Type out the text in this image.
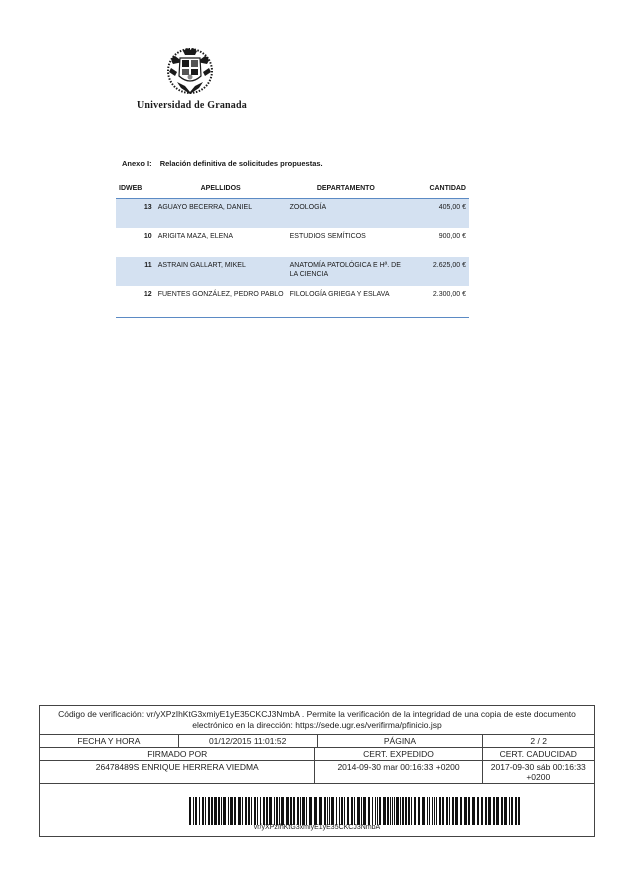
Universidad de Granada
Anexo I: Relación definitiva de solicitudes propuestas.
IDWEB	APELLIDOS	DEPARTAMENTO	CANTIDAD
13	AGUAYO BECERRA, DANIEL	ZOOLOGÍA	405,00 €
10	ARIGITA MAZA, ELENA	ESTUDIOS SEMÍTICOS	900,00 €
11	ASTRAIN GALLART, MIKEL	ANATOMÍA PATOLÓGICA E Hª. DE LA CIENCIA	2.625,00 €
12	FUENTES GONZÁLEZ, PEDRO PABLO	FILOLOGÍA GRIEGA Y ESLAVA	2.300,00 €
Código de verificación: vr/yXPzIhKtG3xmiyE1yE35CKCJ3NmbA . Permite la verificación de la integridad de una copia de este documento electrónico en la dirección: https://sede.ugr.es/verifirma/pfinicio.jsp
FECHA Y HORA	01/12/2015 11:01:52	PÁGINA	2 / 2
FIRMADO POR	CERT. EXPEDIDO	CERT. CADUCIDAD
26478489S ENRIQUE HERRERA VIEDMA	2014-09-30 mar 00:16:33 +0200	2017-09-30 sáb 00:16:33 +0200
vr/yXPzIhKtG3xmiyE1yE35CKCJ3NmbA
